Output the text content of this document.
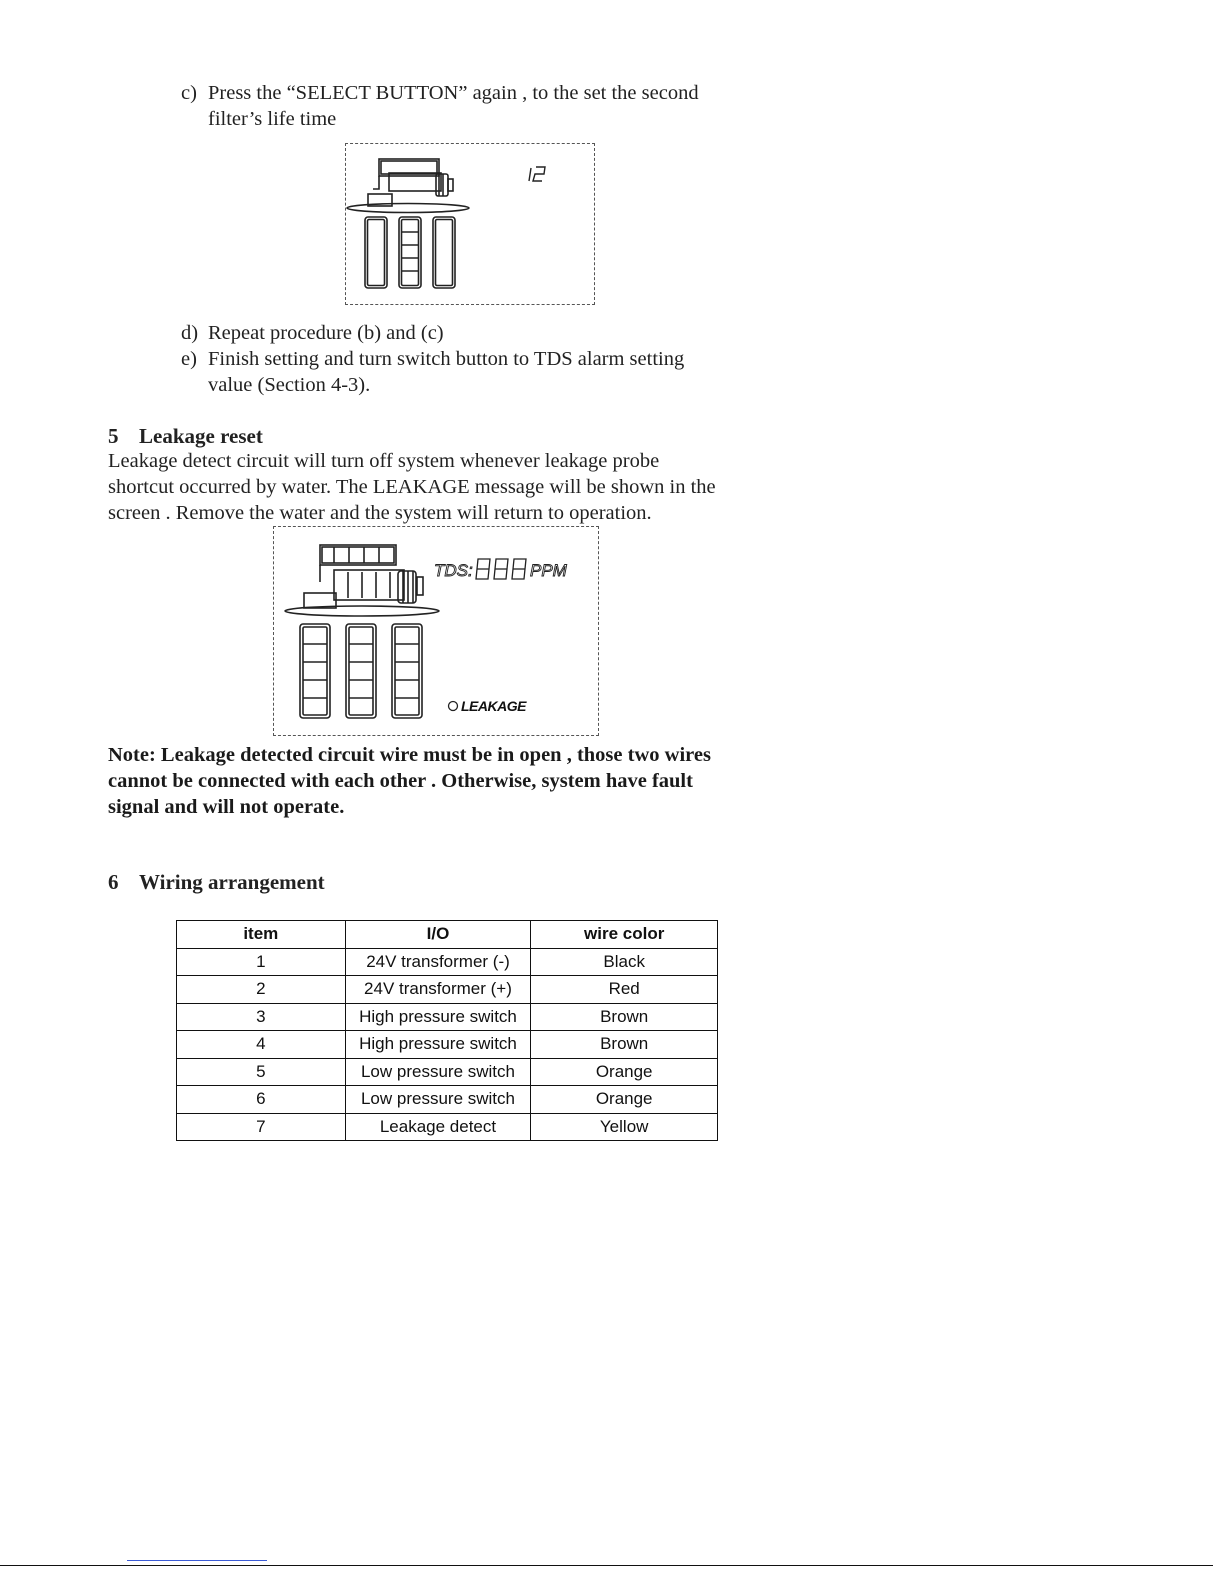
c) Press the “SELECT BUTTON” again , to the set the second
filter’s life time
d) Repeat procedure (b) and (c)
e) Finish setting and turn switch button to TDS alarm setting
value (Section 4-3).
5 Leakage reset
Leakage detect circuit will turn off system whenever leakage probe
shortcut occurred by water. The LEAKAGE message will be shown in the
screen . Remove the water and the system will return to operation.
TDS:	PPM
LEAKAGE
Note: Leakage detected circuit wire must be in open , those two wires
cannot be connected with each other . Otherwise, system have fault
signal and will not operate.
6 Wiring arrangement
item	I/O	wire color
1	24V transformer (-)	Black
2	24V transformer (+)	Red
3	High pressure switch	Brown
4	High pressure switch	Brown
5	Low pressure switch	Orange
6	Low pressure switch	Orange
7	Leakage detect	Yellow
